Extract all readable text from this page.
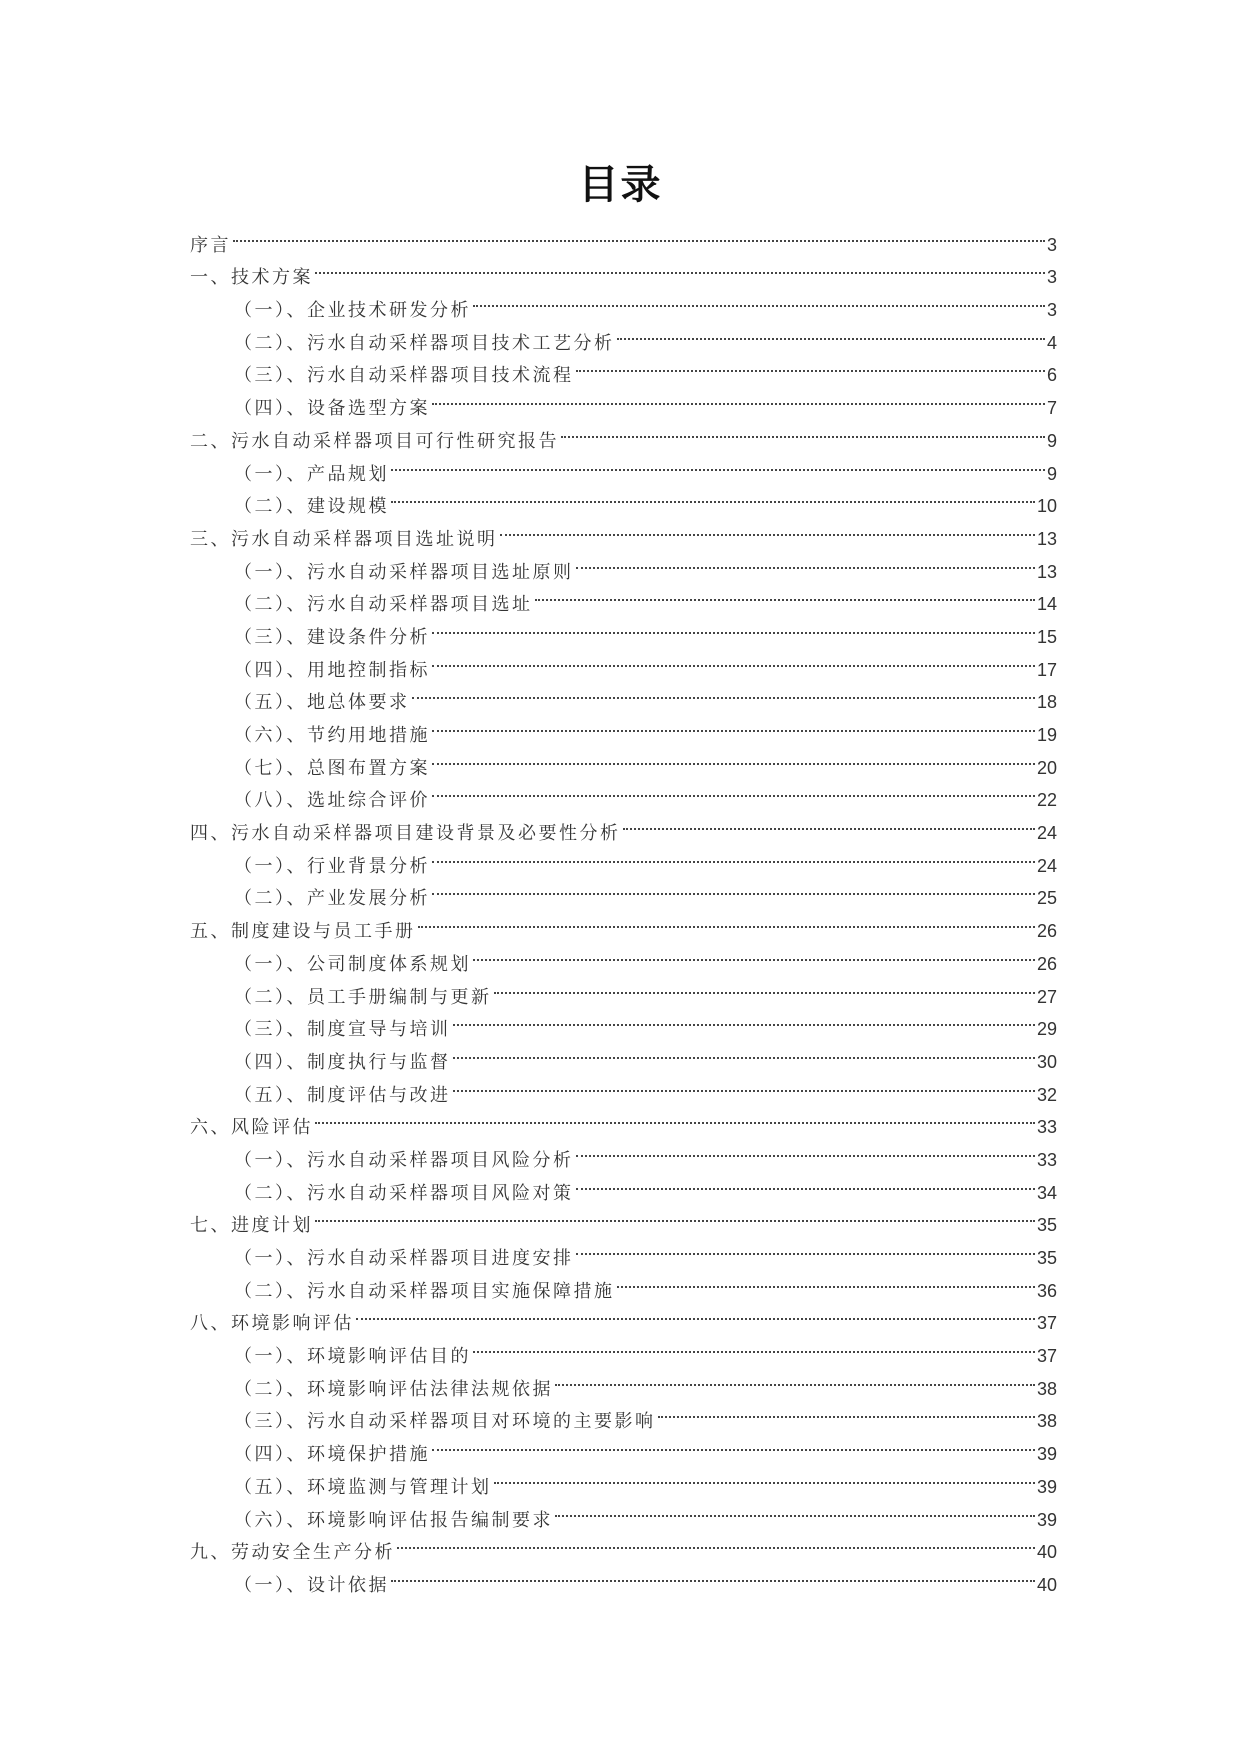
目录
序言	3
一、技术方案	3
（一）、企业技术研发分析	3
（二）、污水自动采样器项目技术工艺分析	4
（三）、污水自动采样器项目技术流程	6
（四）、设备选型方案	7
二、污水自动采样器项目可行性研究报告	9
（一）、产品规划	9
（二）、建设规模	10
三、污水自动采样器项目选址说明	13
（一）、污水自动采样器项目选址原则	13
（二）、污水自动采样器项目选址	14
（三）、建设条件分析	15
（四）、用地控制指标	17
（五）、地总体要求	18
（六）、节约用地措施	19
（七）、总图布置方案	20
（八）、选址综合评价	22
四、污水自动采样器项目建设背景及必要性分析	24
（一）、行业背景分析	24
（二）、产业发展分析	25
五、制度建设与员工手册	26
（一）、公司制度体系规划	26
（二）、员工手册编制与更新	27
（三）、制度宣导与培训	29
（四）、制度执行与监督	30
（五）、制度评估与改进	32
六、风险评估	33
（一）、污水自动采样器项目风险分析	33
（二）、污水自动采样器项目风险对策	34
七、进度计划	35
（一）、污水自动采样器项目进度安排	35
（二）、污水自动采样器项目实施保障措施	36
八、环境影响评估	37
（一）、环境影响评估目的	37
（二）、环境影响评估法律法规依据	38
（三）、污水自动采样器项目对环境的主要影响	38
（四）、环境保护措施	39
（五）、环境监测与管理计划	39
（六）、环境影响评估报告编制要求	39
九、劳动安全生产分析	40
（一）、设计依据	40
